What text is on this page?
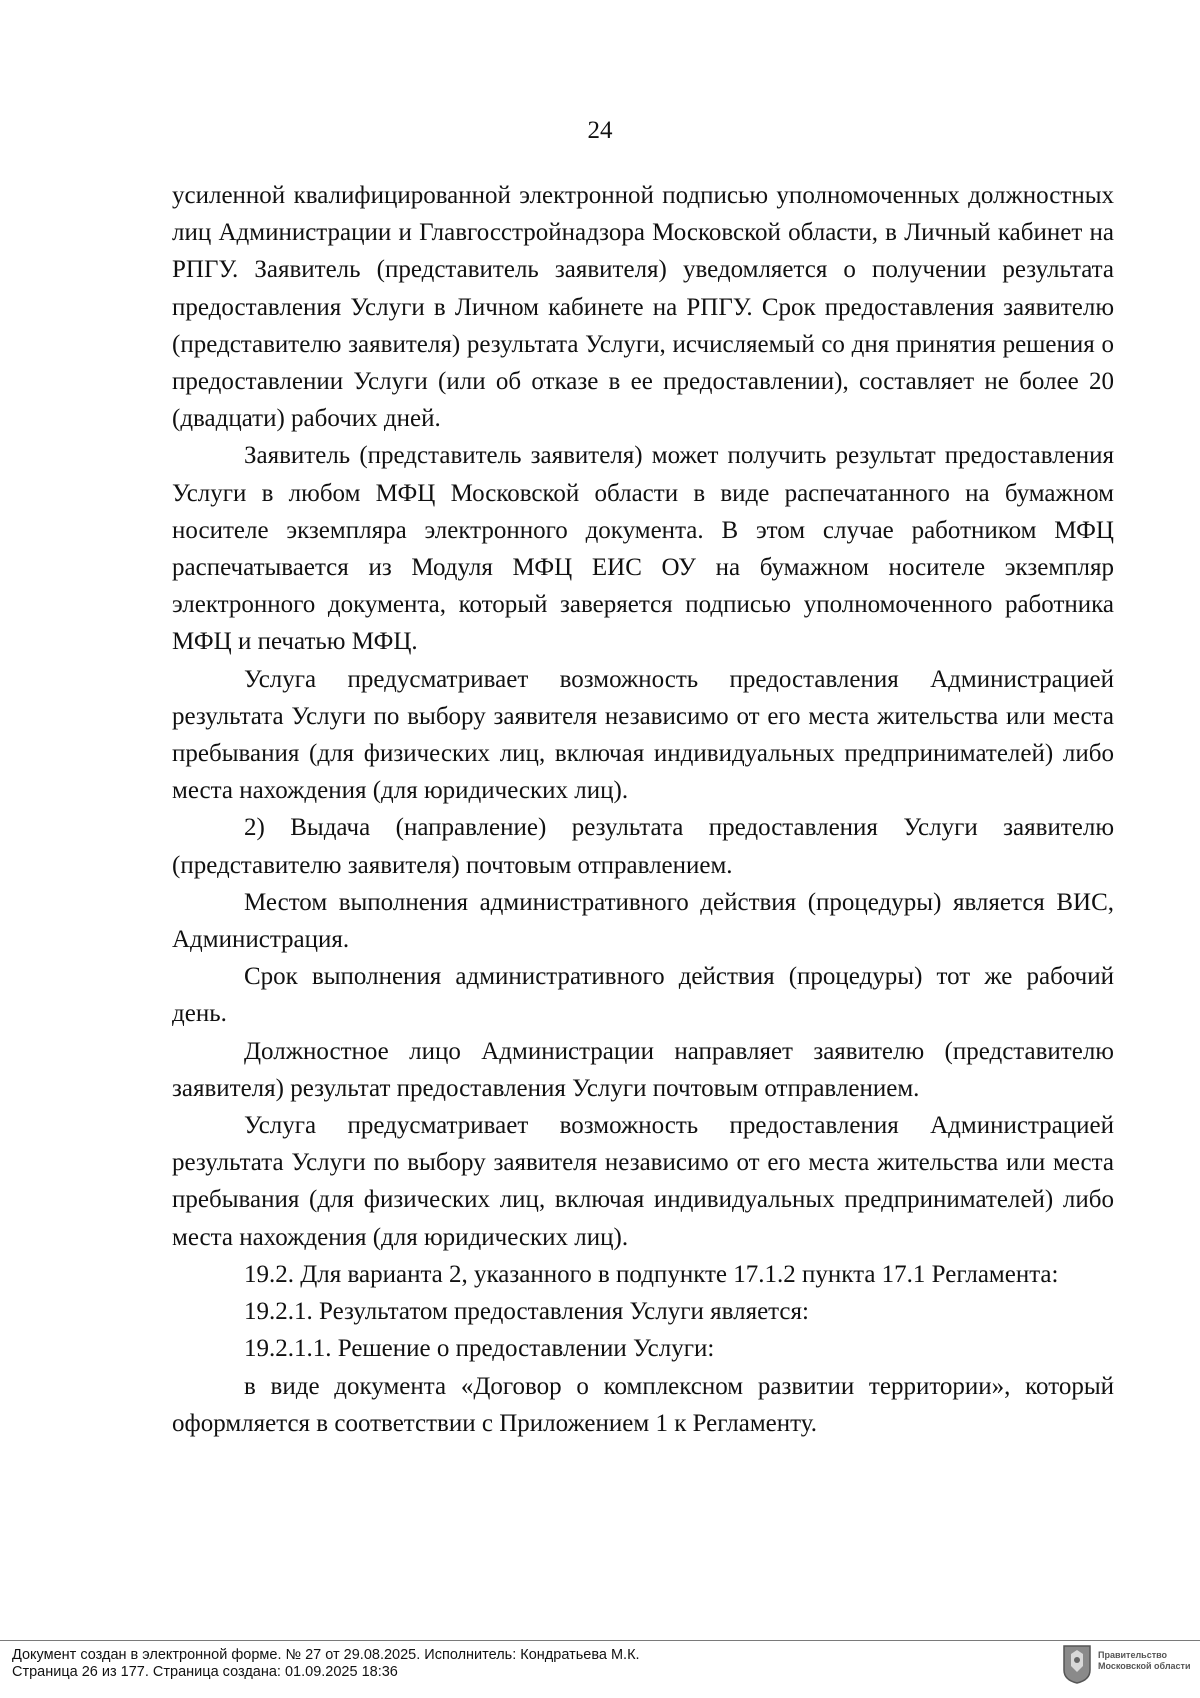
24

усиленной квалифицированной электронной подписью уполномоченных должностных лиц Администрации и Главгосстройнадзора Московской области, в Личный кабинет на РПГУ. Заявитель (представитель заявителя) уведомляется о получении результата предоставления Услуги в Личном кабинете на РПГУ. Срок предоставления заявителю (представителю заявителя) результата Услуги, исчисляемый со дня принятия решения о предоставлении Услуги (или об отказе в ее предоставлении), составляет не более 20 (двадцати) рабочих дней.

Заявитель (представитель заявителя) может получить результат предоставления Услуги в любом МФЦ Московской области в виде распечатанного на бумажном носителе экземпляра электронного документа. В этом случае работником МФЦ распечатывается из Модуля МФЦ ЕИС ОУ на бумажном носителе экземпляр электронного документа, который заверяется подписью уполномоченного работника МФЦ и печатью МФЦ.

Услуга предусматривает возможность предоставления Администрацией результата Услуги по выбору заявителя независимо от его места жительства или места пребывания (для физических лиц, включая индивидуальных предпринимателей) либо места нахождения (для юридических лиц).

2) Выдача (направление) результата предоставления Услуги заявителю (представителю заявителя) почтовым отправлением.

Местом выполнения административного действия (процедуры) является ВИС, Администрация.

Срок выполнения административного действия (процедуры) тот же рабочий день.

Должностное лицо Администрации направляет заявителю (представителю заявителя) результат предоставления Услуги почтовым отправлением.

Услуга предусматривает возможность предоставления Администрацией результата Услуги по выбору заявителя независимо от его места жительства или места пребывания (для физических лиц, включая индивидуальных предпринимателей) либо места нахождения (для юридических лиц).

19.2. Для варианта 2, указанного в подпункте 17.1.2 пункта 17.1 Регламента:

19.2.1. Результатом предоставления Услуги является:

19.2.1.1. Решение о предоставлении Услуги:

в виде документа «Договор о комплексном развитии территории», который оформляется в соответствии с Приложением 1 к Регламенту.

Документ создан в электронной форме. № 27 от 29.08.2025. Исполнитель: Кондратьева М.К.
Страница 26 из 177. Страница создана: 01.09.2025 18:36
Правительство Московской области
